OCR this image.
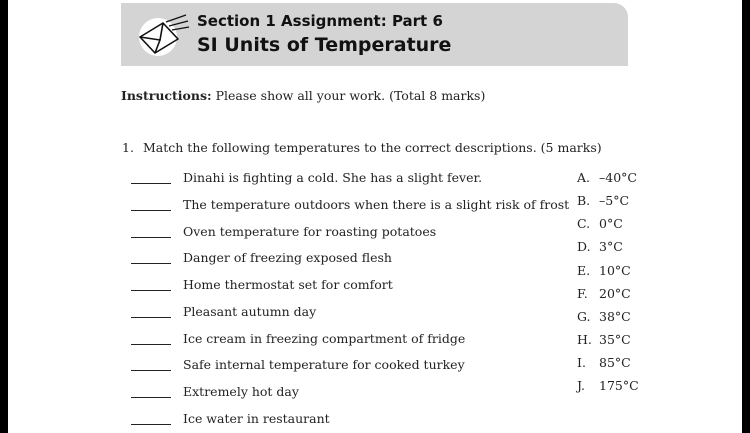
Section 1 Assignment: Part 6

SI Units of Temperature

Instructions: Please show all your work. (Total 8 marks)
1. Match the following temperatures to the correct descriptions. (5 marks)
Dinahi is fighting a cold. She has a slight fever.
The temperature outdoors when there is a slight risk of frost
Oven temperature for roasting potatoes
Danger of freezing exposed flesh
Home thermostat set for comfort
Pleasant autumn day
Ice cream in freezing compartment of fridge
Safe internal temperature for cooked turkey
Extremely hot day
Ice water in restaurant
A. –40°C
B. –5°C
C. 0°C
D. 3°C
E. 10°C
F. 20°C
G. 38°C
H. 35°C
I. 85°C
J. 175°C
